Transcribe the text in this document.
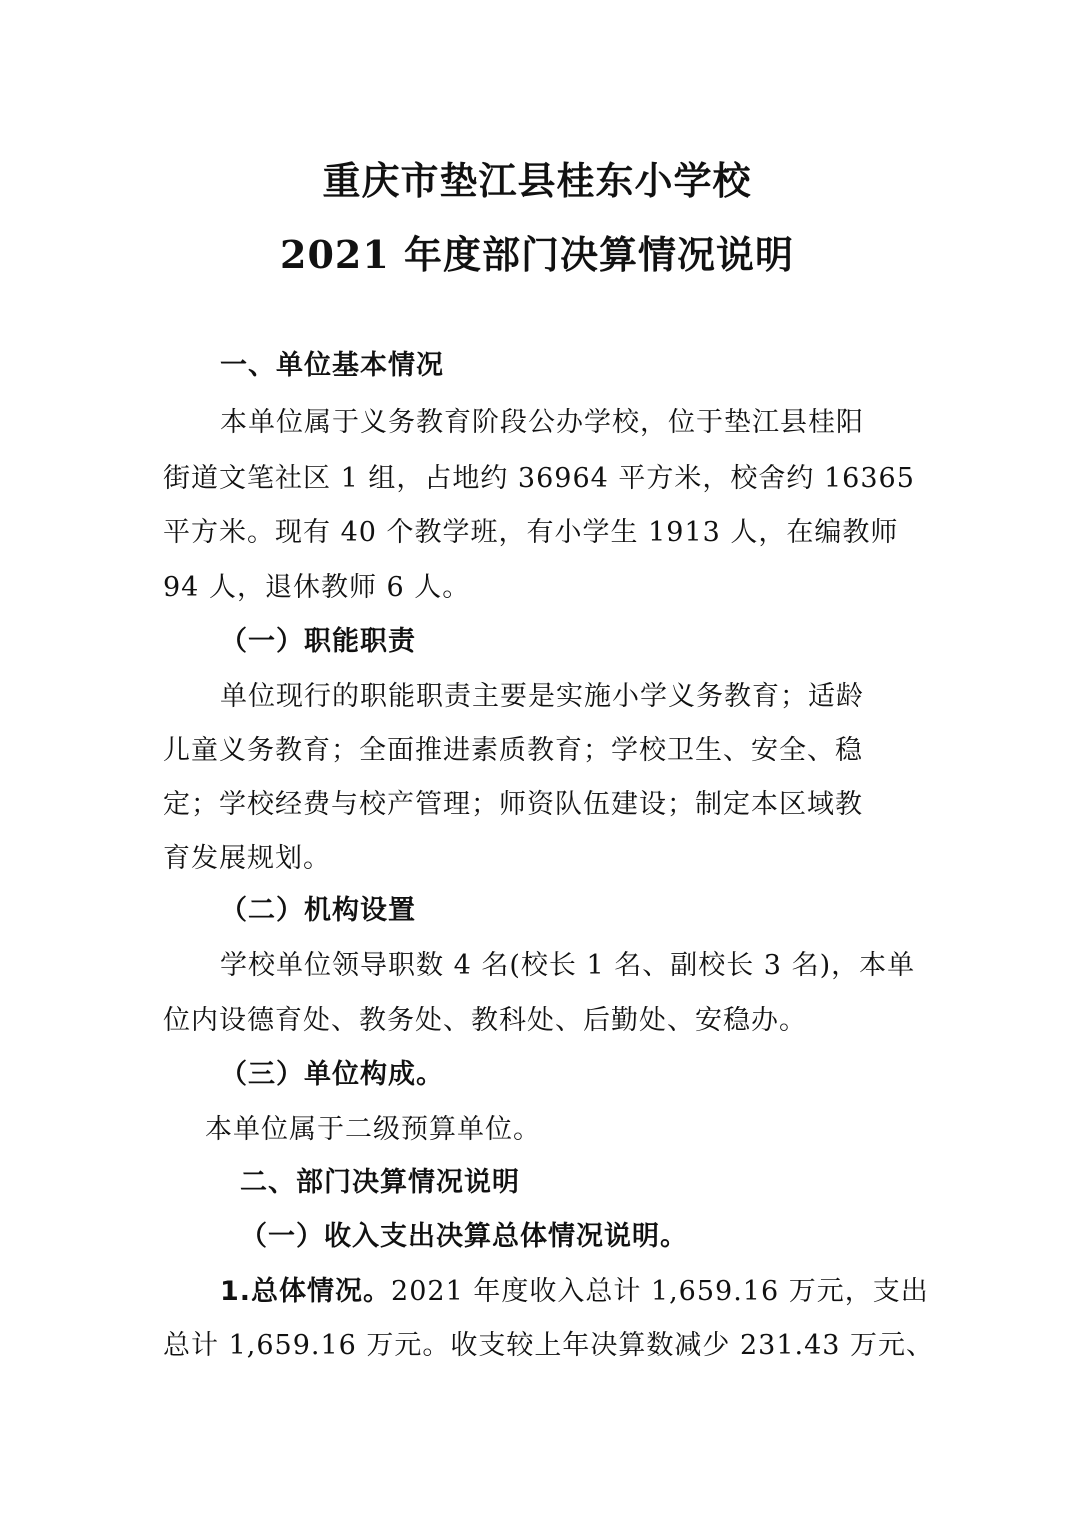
重庆市垫江县桂东小学校
2021 年度部门决算情况说明
一、单位基本情况
本单位属于义务教育阶段公办学校，位于垫江县桂阳
街道文笔社区 1 组，占地约 36964 平方米，校舍约 16365
平方米。现有 40 个教学班，有小学生 1913 人，在编教师
94 人，退休教师 6 人。
（一）职能职责
单位现行的职能职责主要是实施小学义务教育；适龄
儿童义务教育；全面推进素质教育；学校卫生、安全、稳
定；学校经费与校产管理；师资队伍建设；制定本区域教
育发展规划。
（二）机构设置
学校单位领导职数 4 名(校长 1 名、副校长 3 名)，本单
位内设德育处、教务处、教科处、后勤处、安稳办。
（三）单位构成。
本单位属于二级预算单位。
二、部门决算情况说明
（一）收入支出决算总体情况说明。
1.总体情况。2021 年度收入总计 1,659.16 万元，支出
总计 1,659.16 万元。收支较上年决算数减少 231.43 万元、
